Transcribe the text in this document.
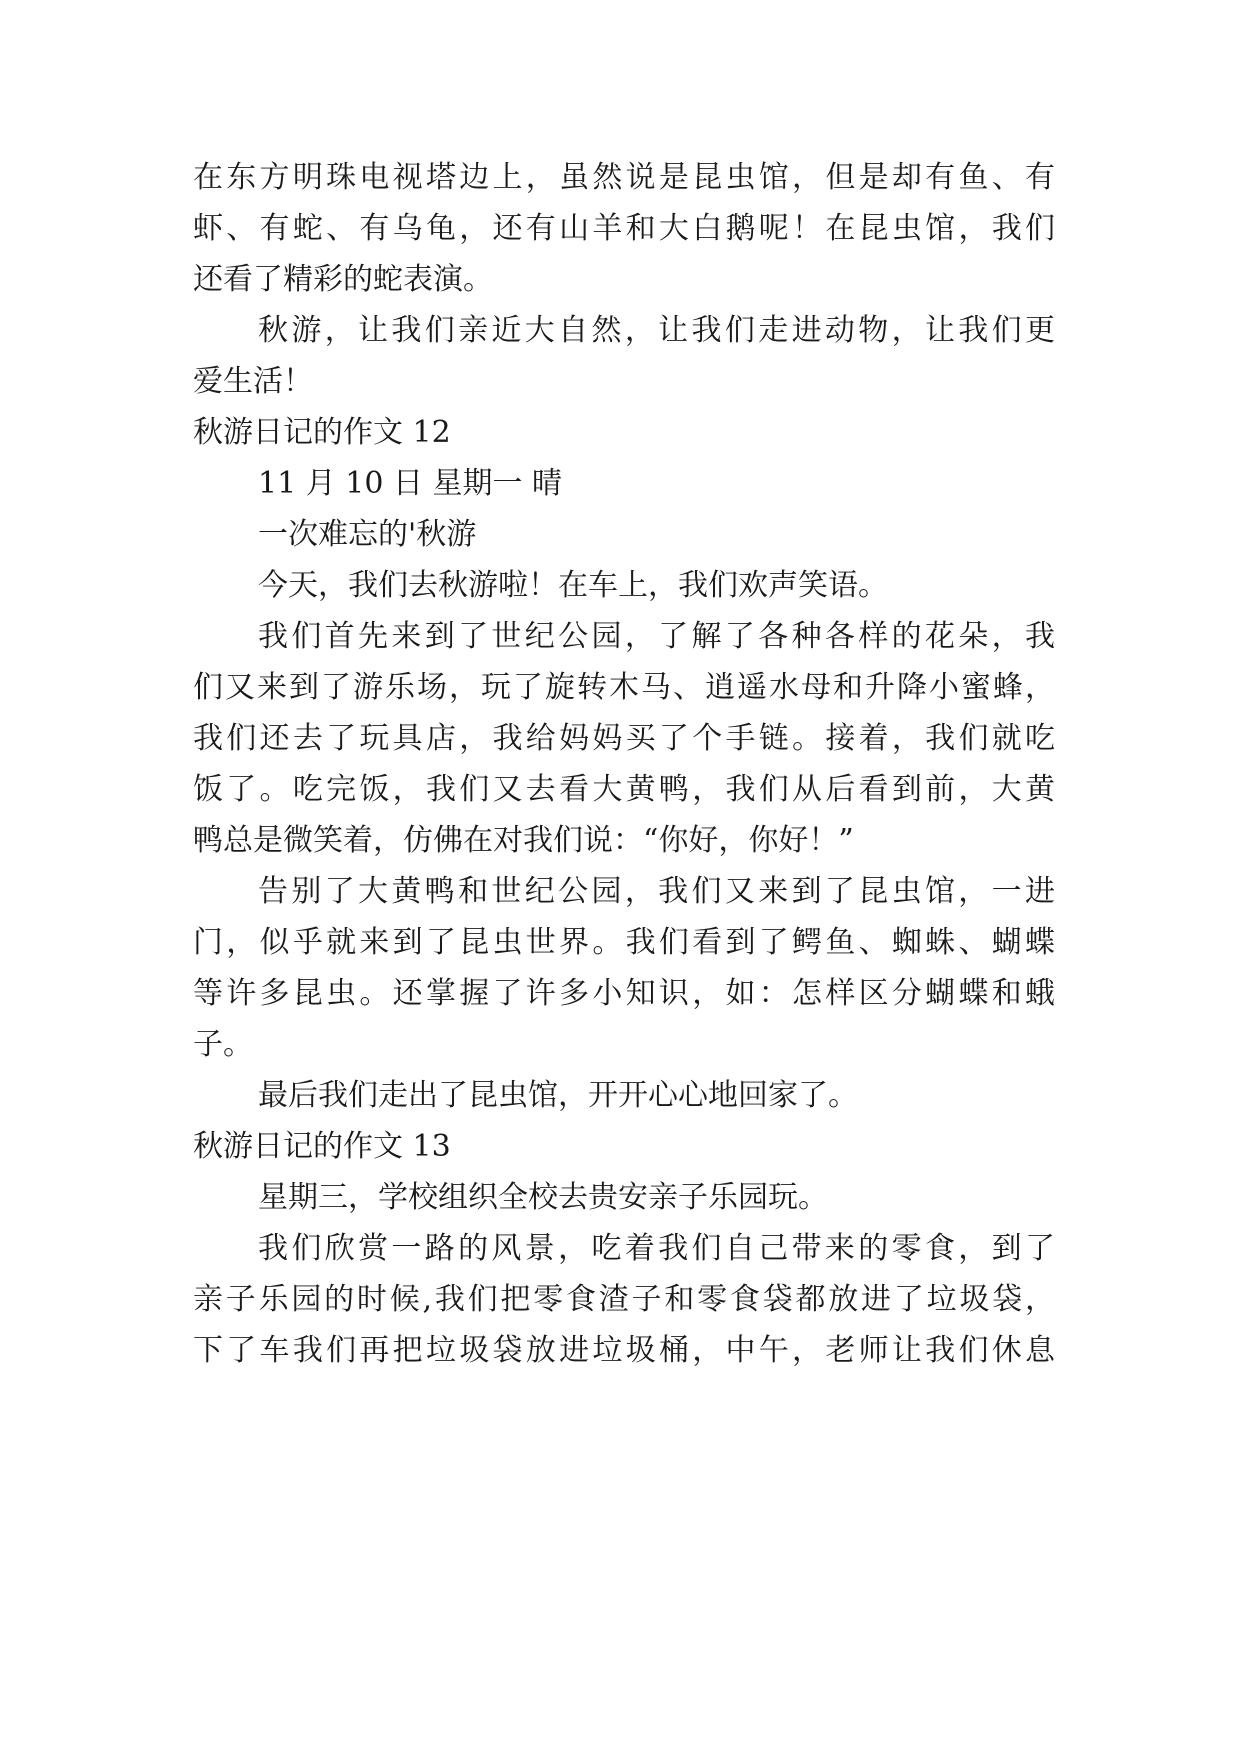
在东方明珠电视塔边上，虽然说是昆虫馆，但是却有鱼、有
虾、有蛇、有乌龟，还有山羊和大白鹅呢！在昆虫馆，我们
还看了精彩的蛇表演。
秋游，让我们亲近大自然，让我们走进动物，让我们更
爱生活！
秋游日记的作文 12
11 月 10 日 星期一 晴
一次难忘的'秋游
今天，我们去秋游啦！在车上，我们欢声笑语。
我们首先来到了世纪公园，了解了各种各样的花朵，我
们又来到了游乐场，玩了旋转木马、逍遥水母和升降小蜜蜂，
我们还去了玩具店，我给妈妈买了个手链。接着，我们就吃
饭了。吃完饭，我们又去看大黄鸭，我们从后看到前，大黄
鸭总是微笑着，仿佛在对我们说：“你好，你好！”
告别了大黄鸭和世纪公园，我们又来到了昆虫馆，一进
门，似乎就来到了昆虫世界。我们看到了鳄鱼、蜘蛛、蝴蝶
等许多昆虫。还掌握了许多小知识，如：怎样区分蝴蝶和蛾
子。
最后我们走出了昆虫馆，开开心心地回家了。
秋游日记的作文 13
星期三，学校组织全校去贵安亲子乐园玩。
我们欣赏一路的风景，吃着我们自己带来的零食，到了
亲子乐园的时候,我们把零食渣子和零食袋都放进了垃圾袋，
下了车我们再把垃圾袋放进垃圾桶，中午，老师让我们休息
